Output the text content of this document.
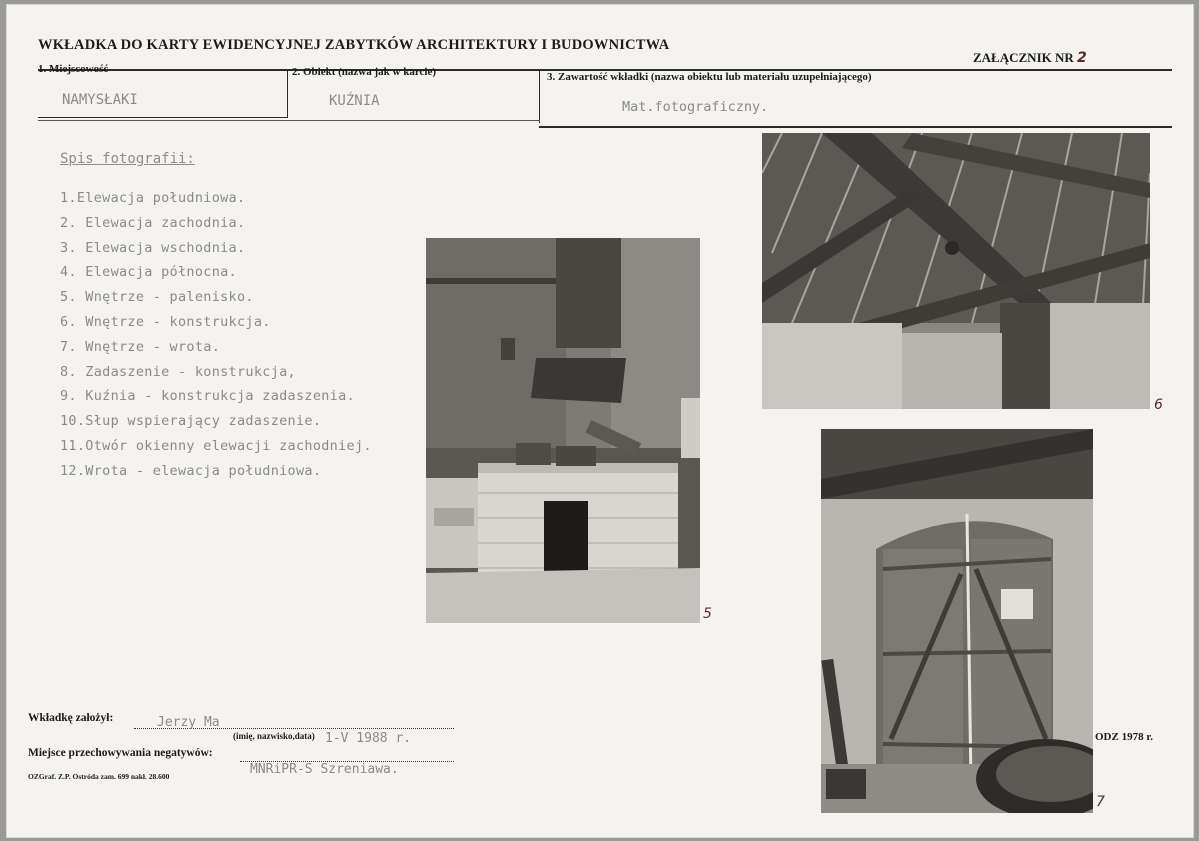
WKŁADKA DO KARTY EWIDENCYJNEJ ZABYTKÓW ARCHITEKTURY I BUDOWNICTWA
ZAŁĄCZNIK NR 2
1. Miejscowość	2. Obiekt (nazwa jak w karcie)	3. Zawartość wkładki (nazwa obiektu lub materiału uzupełniającego)
NAMYSŁAKI	KUŹNIA	Mat.fotograficzny.
Spis fotografii:
5
6
7
Wkładkę założył:	Jerzy Ma
(imię, nazwisko,data) 1-V 1988 r.
Miejsce przechowywania negatywów:
MNRiPR-S Szreniawa.
OZGraf. Z.P. Ostróda zam. 699 nakł. 28.600
ODZ 1978 r.
1.Elewacja południowa.
2. Elewacja zachodnia.
3. Elewacja wschodnia.
4. Elewacja północna.
5. Wnętrze - palenisko.
6. Wnętrze - konstrukcja.
7. Wnętrze - wrota.
8. Zadaszenie - konstrukcja,
9. Kuźnia - konstrukcja zadaszenia.
10.Słup wspierający zadaszenie.
11.Otwór okienny elewacji zachodniej.
12.Wrota - elewacja południowa.
